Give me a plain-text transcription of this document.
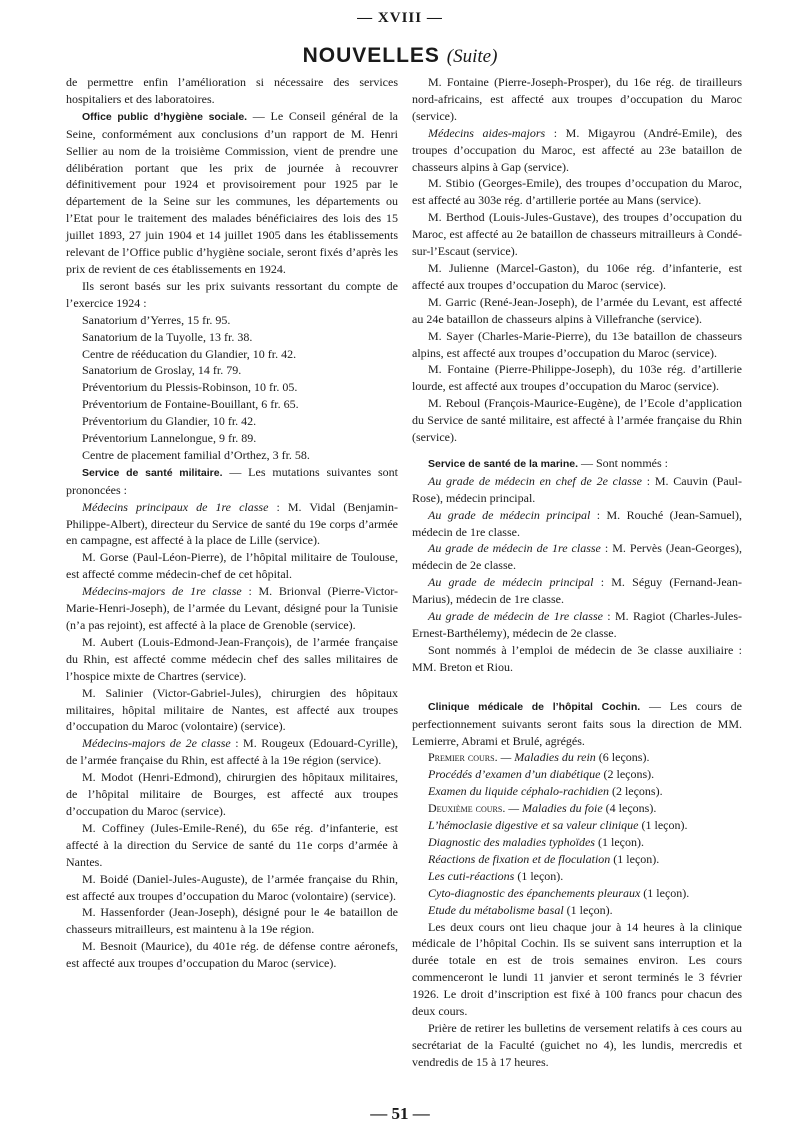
— XVIII —
NOUVELLES (Suite)

de permettre enfin l’amélioration si nécessaire des services hospitaliers et des laboratoires.

Office public d’hygiène sociale. — Le Conseil général de la Seine, conformément aux conclusions d’un rapport de M. Henri Sellier au nom de la troisième Commission, vient de prendre une délibération portant que les prix de journée à recouvrer définitivement pour 1924 et provisoirement pour 1925 par le département de la Seine sur les communes, les départements ou l’Etat pour le traitement des malades bénéficiaires des lois des 15 juillet 1893, 27 juin 1904 et 14 juillet 1905 dans les établissements relevant de l’Office public d’hygiène sociale, seront fixés d’après les prix de revient de ces établissements en 1924.

Ils seront basés sur les prix suivants ressortant du compte de l’exercice 1924 :

Sanatorium d’Yerres, 15 fr. 95.

Sanatorium de la Tuyolle, 13 fr. 38.

Centre de rééducation du Glandier, 10 fr. 42.

Sanatorium de Groslay, 14 fr. 79.

Préventorium du Plessis-Robinson, 10 fr. 05.

Préventorium de Fontaine-Bouillant, 6 fr. 65.

Préventorium du Glandier, 10 fr. 42.

Préventorium Lannelongue, 9 fr. 89.

Centre de placement familial d’Orthez, 3 fr. 58.

Service de santé militaire. — Les mutations suivantes sont prononcées :

Médecins principaux de 1re classe : M. Vidal (Benjamin-Philippe-Albert), directeur du Service de santé du 19e corps d’armée en campagne, est affecté à la place de Lille (service).

M. Gorse (Paul-Léon-Pierre), de l’hôpital militaire de Toulouse, est affecté comme médecin-chef de cet hôpital.

Médecins-majors de 1re classe : M. Brionval (Pierre-Victor-Marie-Henri-Joseph), de l’armée du Levant, désigné pour la Tunisie (n’a pas rejoint), est affecté à la place de Grenoble (service).

M. Aubert (Louis-Edmond-Jean-François), de l’armée française du Rhin, est affecté comme médecin chef des salles militaires de l’hospice mixte de Chartres (service).

M. Salinier (Victor-Gabriel-Jules), chirurgien des hôpitaux militaires, hôpital militaire de Nantes, est affecté aux troupes d’occupation du Maroc (volontaire) (service).

Médecins-majors de 2e classe : M. Rougeux (Edouard-Cyrille), de l’armée française du Rhin, est affecté à la 19e région (service).

M. Modot (Henri-Edmond), chirurgien des hôpitaux militaires, de l’hôpital militaire de Bourges, est affecté aux troupes d’occupation du Maroc (service).

M. Coffiney (Jules-Emile-René), du 65e rég. d’infanterie, est affecté à la direction du Service de santé du 11e corps d’armée à Nantes.

M. Boidé (Daniel-Jules-Auguste), de l’armée française du Rhin, est affecté aux troupes d’occupation du Maroc (volontaire) (service).

M. Hassenforder (Jean-Joseph), désigné pour le 4e bataillon de chasseurs mitrailleurs, est maintenu à la 19e région.

M. Besnoit (Maurice), du 401e rég. de défense contre aéronefs, est affecté aux troupes d’occupation du Maroc (service).

M. Fontaine (Pierre-Joseph-Prosper), du 16e rég. de tirailleurs nord-africains, est affecté aux troupes d’occupation du Maroc (service).

Médecins aides-majors : M. Migayrou (André-Emile), des troupes d’occupation du Maroc, est affecté au 23e bataillon de chasseurs alpins à Gap (service).

M. Stibio (Georges-Emile), des troupes d’occupation du Maroc, est affecté au 303e rég. d’artillerie portée au Mans (service).

M. Berthod (Louis-Jules-Gustave), des troupes d’occupation du Maroc, est affecté au 2e bataillon de chasseurs mitrailleurs à Condé-sur-l’Escaut (service).

M. Julienne (Marcel-Gaston), du 106e rég. d’infanterie, est affecté aux troupes d’occupation du Maroc (service).

M. Garric (René-Jean-Joseph), de l’armée du Levant, est affecté au 24e bataillon de chasseurs alpins à Villefranche (service).

M. Sayer (Charles-Marie-Pierre), du 13e bataillon de chasseurs alpins, est affecté aux troupes d’occupation du Maroc (service).

M. Fontaine (Pierre-Philippe-Joseph), du 103e rég. d’artillerie lourde, est affecté aux troupes d’occupation du Maroc (service).

M. Reboul (François-Maurice-Eugène), de l’Ecole d’application du Service de santé militaire, est affecté à l’armée française du Rhin (service).

Service de santé de la marine. — Sont nommés :

Au grade de médecin en chef de 2e classe : M. Cauvin (Paul-Rose), médecin principal.

Au grade de médecin principal : M. Rouché (Jean-Samuel), médecin de 1re classe.

Au grade de médecin de 1re classe : M. Pervès (Jean-Georges), médecin de 2e classe.

Au grade de médecin principal : M. Séguy (Fernand-Jean-Marius), médecin de 1re classe.

Au grade de médecin de 1re classe : M. Ragiot (Charles-Jules-Ernest-Barthélemy), médecin de 2e classe.

Sont nommés à l’emploi de médecin de 3e classe auxiliaire : MM. Breton et Riou.

Clinique médicale de l’hôpital Cochin. — Les cours de perfectionnement suivants seront faits sous la direction de MM. Lemierre, Abrami et Brulé, agrégés.

Premier cours. — Maladies du rein (6 leçons).

Procédés d’examen d’un diabétique (2 leçons).

Examen du liquide céphalo-rachidien (2 leçons).

Deuxième cours. — Maladies du foie (4 leçons).

L’hémoclasie digestive et sa valeur clinique (1 leçon).

Diagnostic des maladies typhoïdes (1 leçon).

Réactions de fixation et de floculation (1 leçon).

Les cuti-réactions (1 leçon).

Cyto-diagnostic des épanchements pleuraux (1 leçon).

Etude du métabolisme basal (1 leçon).

Les deux cours ont lieu chaque jour à 14 heures à la clinique médicale de l’hôpital Cochin. Ils se suivent sans interruption et la durée totale en est de trois semaines environ. Les cours commenceront le lundi 11 janvier et seront terminés le 3 février 1926. Le droit d’inscription est fixé à 100 francs pour chacun des deux cours.

Prière de retirer les bulletins de versement relatifs à ces cours au secrétariat de la Faculté (guichet no 4), les lundis, mercredis et vendredis de 15 à 17 heures.

— 51 —
